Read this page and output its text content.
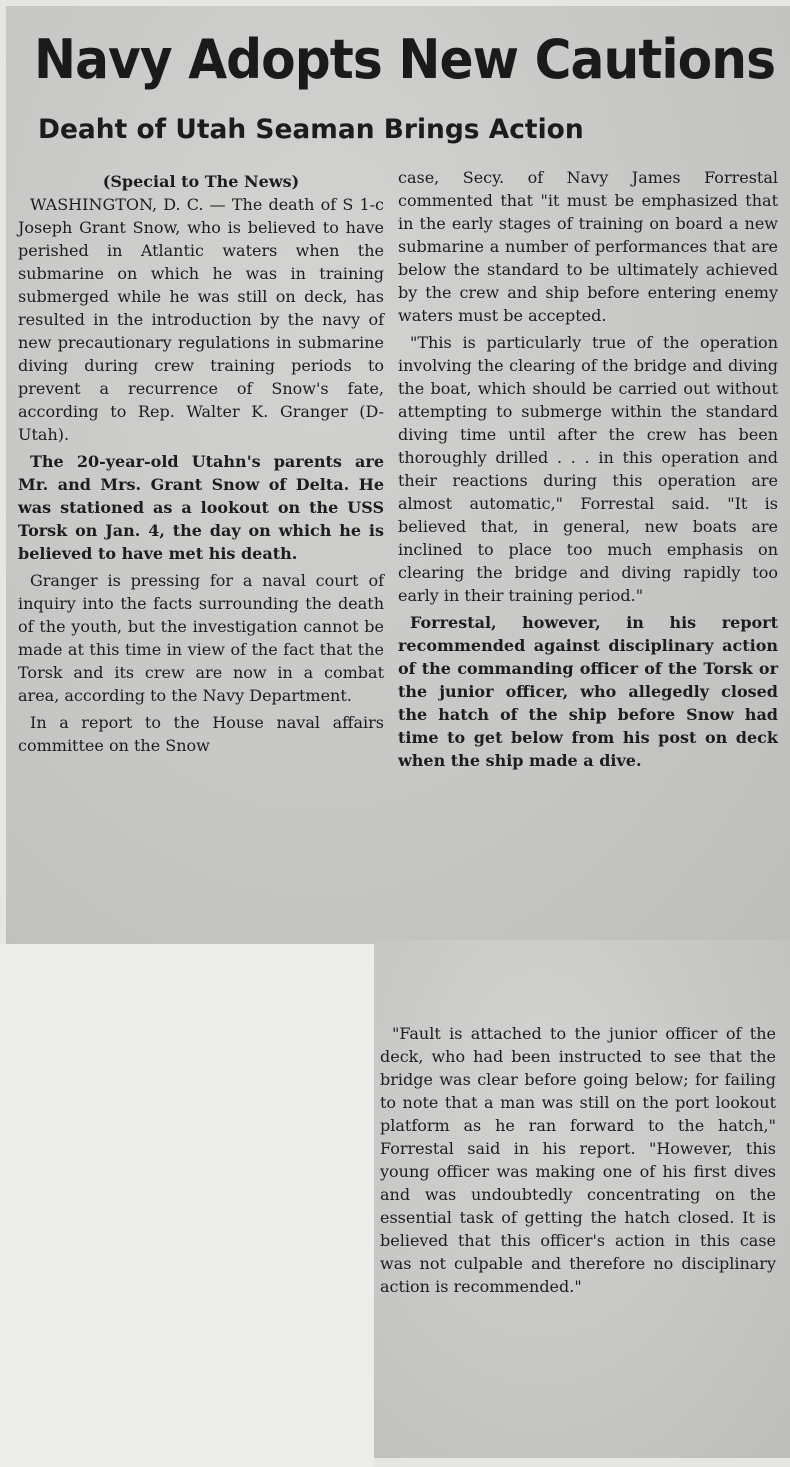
Navy Adopts New Cautions
Deaht of Utah Seaman Brings Action

(Special to The News)

WASHINGTON, D. C. — The death of S 1-c Joseph Grant Snow, who is believed to have perished in Atlantic waters when the submarine on which he was in training submerged while he was still on deck, has resulted in the introduction by the navy of new precautionary regulations in submarine diving during crew training periods to prevent a recurrence of Snow's fate, according to Rep. Walter K. Granger (D-Utah).

The 20-year-old Utahn's parents are Mr. and Mrs. Grant Snow of Delta. He was stationed as a lookout on the USS Torsk on Jan. 4, the day on which he is believed to have met his death.

Granger is pressing for a naval court of inquiry into the facts surrounding the death of the youth, but the investigation cannot be made at this time in view of the fact that the Torsk and its crew are now in a combat area, according to the Navy Department.

In a report to the House naval affairs committee on the Snow

case, Secy. of Navy James Forrestal commented that "it must be emphasized that in the early stages of training on board a new submarine a number of performances that are below the standard to be ultimately achieved by the crew and ship before entering enemy waters must be accepted.

"This is particularly true of the operation involving the clearing of the bridge and diving the boat, which should be carried out without attempting to submerge within the standard diving time until after the crew has been thoroughly drilled . . . in this operation and their reactions during this operation are almost automatic," Forrestal said. "It is believed that, in general, new boats are inclined to place too much emphasis on clearing the bridge and diving rapidly too early in their training period."

Forrestal, however, in his report recommended against disciplinary action of the commanding officer of the Torsk or the junior officer, who allegedly closed the hatch of the ship before Snow had time to get below from his post on deck when the ship made a dive.

"Fault is attached to the junior officer of the deck, who had been instructed to see that the bridge was clear before going below; for failing to note that a man was still on the port lookout platform as he ran forward to the hatch," Forrestal said in his report. "However, this young officer was making one of his first dives and was undoubtedly concentrating on the essential task of getting the hatch closed. It is believed that this officer's action in this case was not culpable and therefore no disciplinary action is recommended."
